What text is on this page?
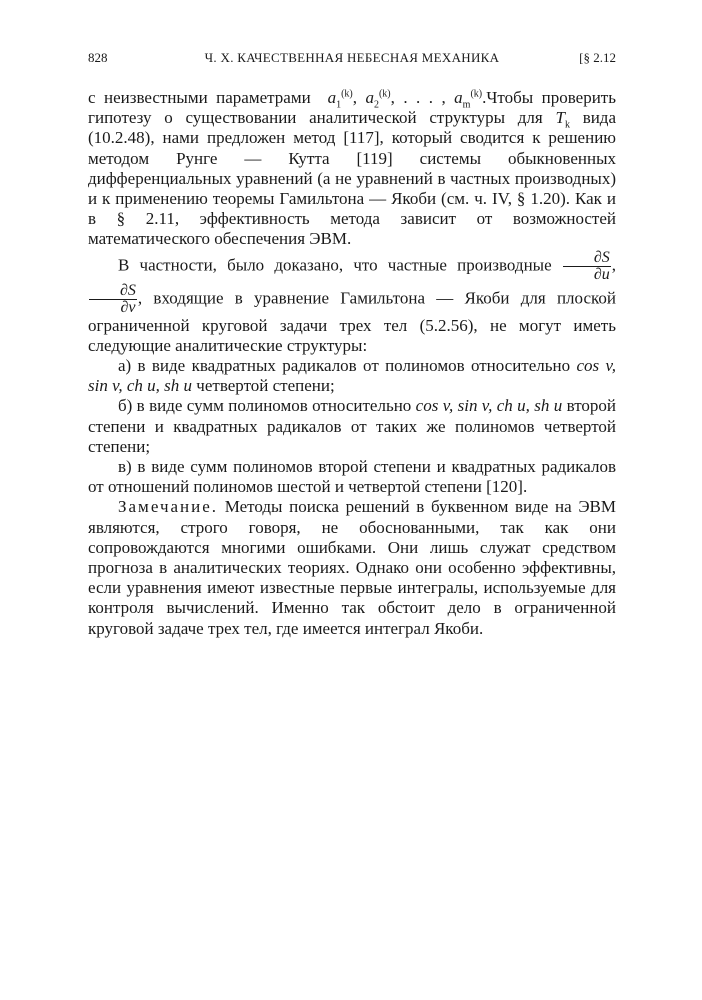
828	Ч. X. КАЧЕСТВЕННАЯ НЕБЕСНАЯ МЕХАНИКА	[§ 2.12

с неизвестными параметрами $a_1^{(k)}$, $a_2^{(k)}$, . . . , $a_m^{(k)}.Чтобы$ проверить гипотезу о существовании аналитической структуры для $T_k$ вида (10.2.48), нами предложен метод [117], который сводится к решению методом Рунге — Кутта [119] системы обыкновенных дифференциальных уравнений (а не уравнений в частных производных) и к применению теоремы Гамильтона — Якоби (см. ч. IV, § 1.20). Как и в § 2.11, эффективность метода зависит от возможностей математического обеспечения ЭВМ.

В частности, было доказано, что частные производные $\frac{\partial S}{\partial u}$ ,
$\frac{\partial S}{\partial v}$ , входящие в уравнение Гамильтона — Якоби для плоской ограниченной круговой задачи трех тел (5.2.56), не могут иметь следующие аналитические структуры:

а) в виде квадратных радикалов от полиномов относительно cos v, sin v, ch u, sh u четвертой степени;

б) в виде сумм полиномов относительно cos v, sin v, ch u, sh u второй степени и квадратных радикалов от таких же полиномов четвертой степени;

в) в виде сумм полиномов второй степени и квадратных радикалов от отношений полиномов шестой и четвертой степени [120].

Замечание. Методы поиска решений в буквенном виде на ЭВМ являются, строго говоря, не обоснованными, так как они сопровождаются многими ошибками. Они лишь служат средством прогноза в аналитических теориях. Однако они особенно эффективны, если уравнения имеют известные первые интегралы, используемые для контроля вычислений. Именно так обстоит дело в ограниченной круговой задаче трех тел, где имеется интеграл Якоби.
